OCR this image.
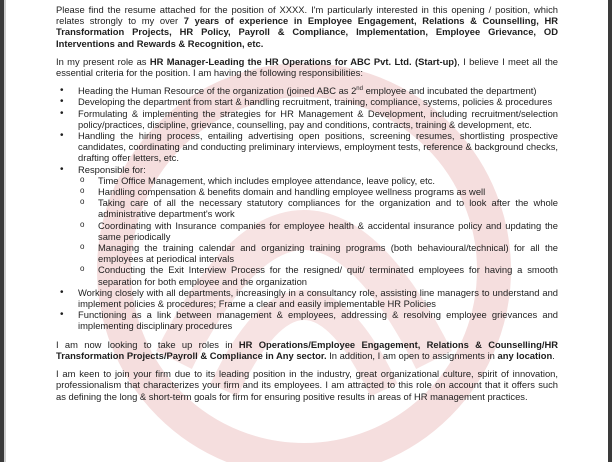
Please find the resume attached for the position of XXXX. I'm particularly interested in this opening / position, which relates strongly to my over 7 years of experience in Employee Engagement, Relations & Counselling, HR Transformation Projects, HR Policy, Payroll & Compliance, Implementation, Employee Grievance, OD Interventions and Rewards & Recognition, etc.

In my present role as HR Manager-Leading the HR Operations for ABC Pvt. Ltd. (Start-up), I believe I meet all the essential criteria for the position. I am having the following responsibilities:

• Heading the Human Resource of the organization (joined ABC as 2nd employee and incubated the department)
• Developing the department from start & handling recruitment, training, compliance, systems, policies & procedures
• Formulating & implementing the strategies for HR Management & Development, including recruitment/selection policy/practices, discipline, grievance, counselling, pay and conditions, contracts, training & development, etc.
• Handling the hiring process, entailing advertising open positions, screening resumes, shortlisting prospective candidates, coordinating and conducting preliminary interviews, employment tests, reference & background checks, drafting offer letters, etc.
• Responsible for:
o Time Office Management, which includes employee attendance, leave policy, etc.
o Handling compensation & benefits domain and handling employee wellness programs as well
o Taking care of all the necessary statutory compliances for the organization and to look after the whole administrative department's work
o Coordinating with Insurance companies for employee health & accidental insurance policy and updating the same periodically
o Managing the training calendar and organizing training programs (both behavioural/technical) for all the employees at periodical intervals
o Conducting the Exit Interview Process for the resigned/ quit/ terminated employees for having a smooth separation for both employee and the organization
• Working closely with all departments, increasingly in a consultancy role, assisting line managers to understand and implement policies & procedures; Frame a clear and easily implementable HR Policies
• Functioning as a link between management & employees, addressing & resolving employee grievances and implementing disciplinary procedures

I am now looking to take up roles in HR Operations/Employee Engagement, Relations & Counselling/HR Transformation Projects/Payroll & Compliance in Any sector. In addition, I am open to assignments in any location.

I am keen to join your firm due to its leading position in the industry, great organizational culture, spirit of innovation, professionalism that characterizes your firm and its employees. I am attracted to this role on account that it offers such as defining the long & short-term goals for firm for ensuring positive results in areas of HR management practices.
